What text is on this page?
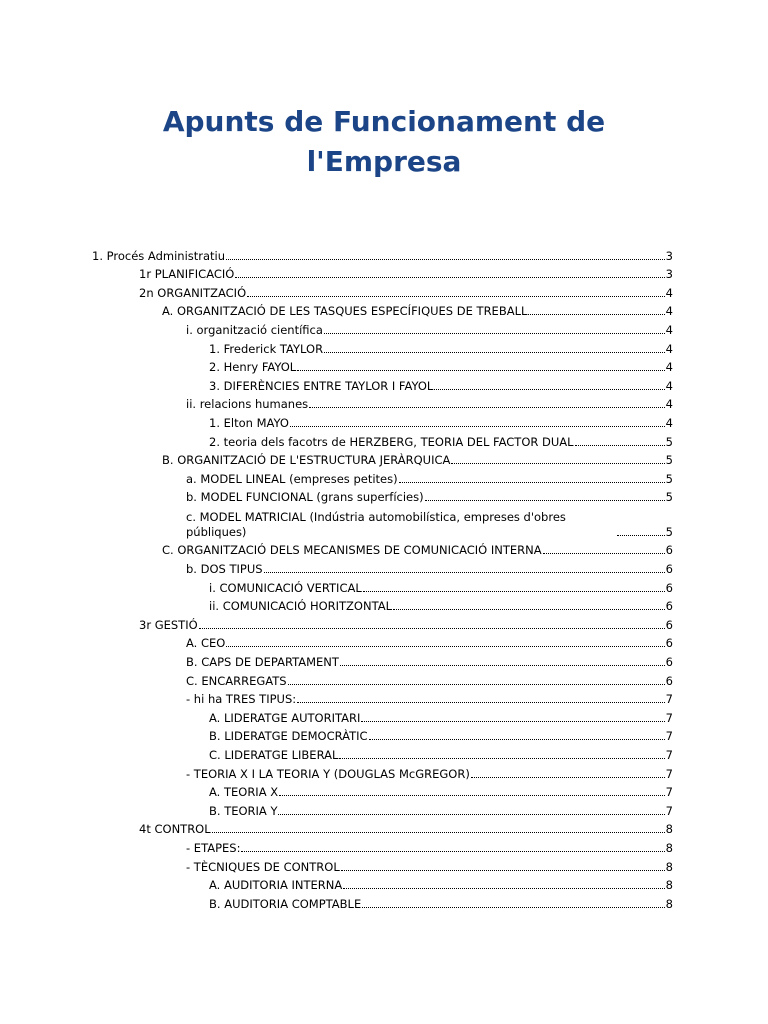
Apunts de Funcionament de
l'Empresa
1. Procés Administratiu	3
1r PLANIFICACIÓ	3
2n ORGANITZACIÓ	4
A. ORGANITZACIÓ DE LES TASQUES ESPECÍFIQUES DE TREBALL	4
i. organització científica	4
1. Frederick TAYLOR	4
2. Henry FAYOL	4
3. DIFERÈNCIES ENTRE TAYLOR I FAYOL	4
ii. relacions humanes	4
1. Elton MAYO	4
2. teoria dels facotrs de HERZBERG, TEORIA DEL FACTOR DUAL	5
B. ORGANITZACIÓ DE L'ESTRUCTURA JERÀRQUICA	5
a. MODEL LINEAL (empreses petites)	5
b. MODEL FUNCIONAL (grans superfícies)	5
c. MODEL MATRICIAL (Indústria automobilística, empreses d'obres públiques)	5
C. ORGANITZACIÓ DELS MECANISMES DE COMUNICACIÓ INTERNA	6
b. DOS TIPUS	6
i. COMUNICACIÓ VERTICAL	6
ii. COMUNICACIÓ HORITZONTAL	6
3r GESTIÓ	6
A. CEO	6
B. CAPS DE DEPARTAMENT	6
C. ENCARREGATS	6
- hi ha TRES TIPUS:	7
A. LIDERATGE AUTORITARI	7
B. LIDERATGE DEMOCRÀTIC	7
C. LIDERATGE LIBERAL	7
- TEORIA X I LA TEORIA Y (DOUGLAS McGREGOR)	7
A. TEORIA X	7
B. TEORIA Y	7
4t CONTROL	8
- ETAPES:	8
- TÈCNIQUES DE CONTROL	8
A. AUDITORIA INTERNA	8
B. AUDITORIA COMPTABLE	8
